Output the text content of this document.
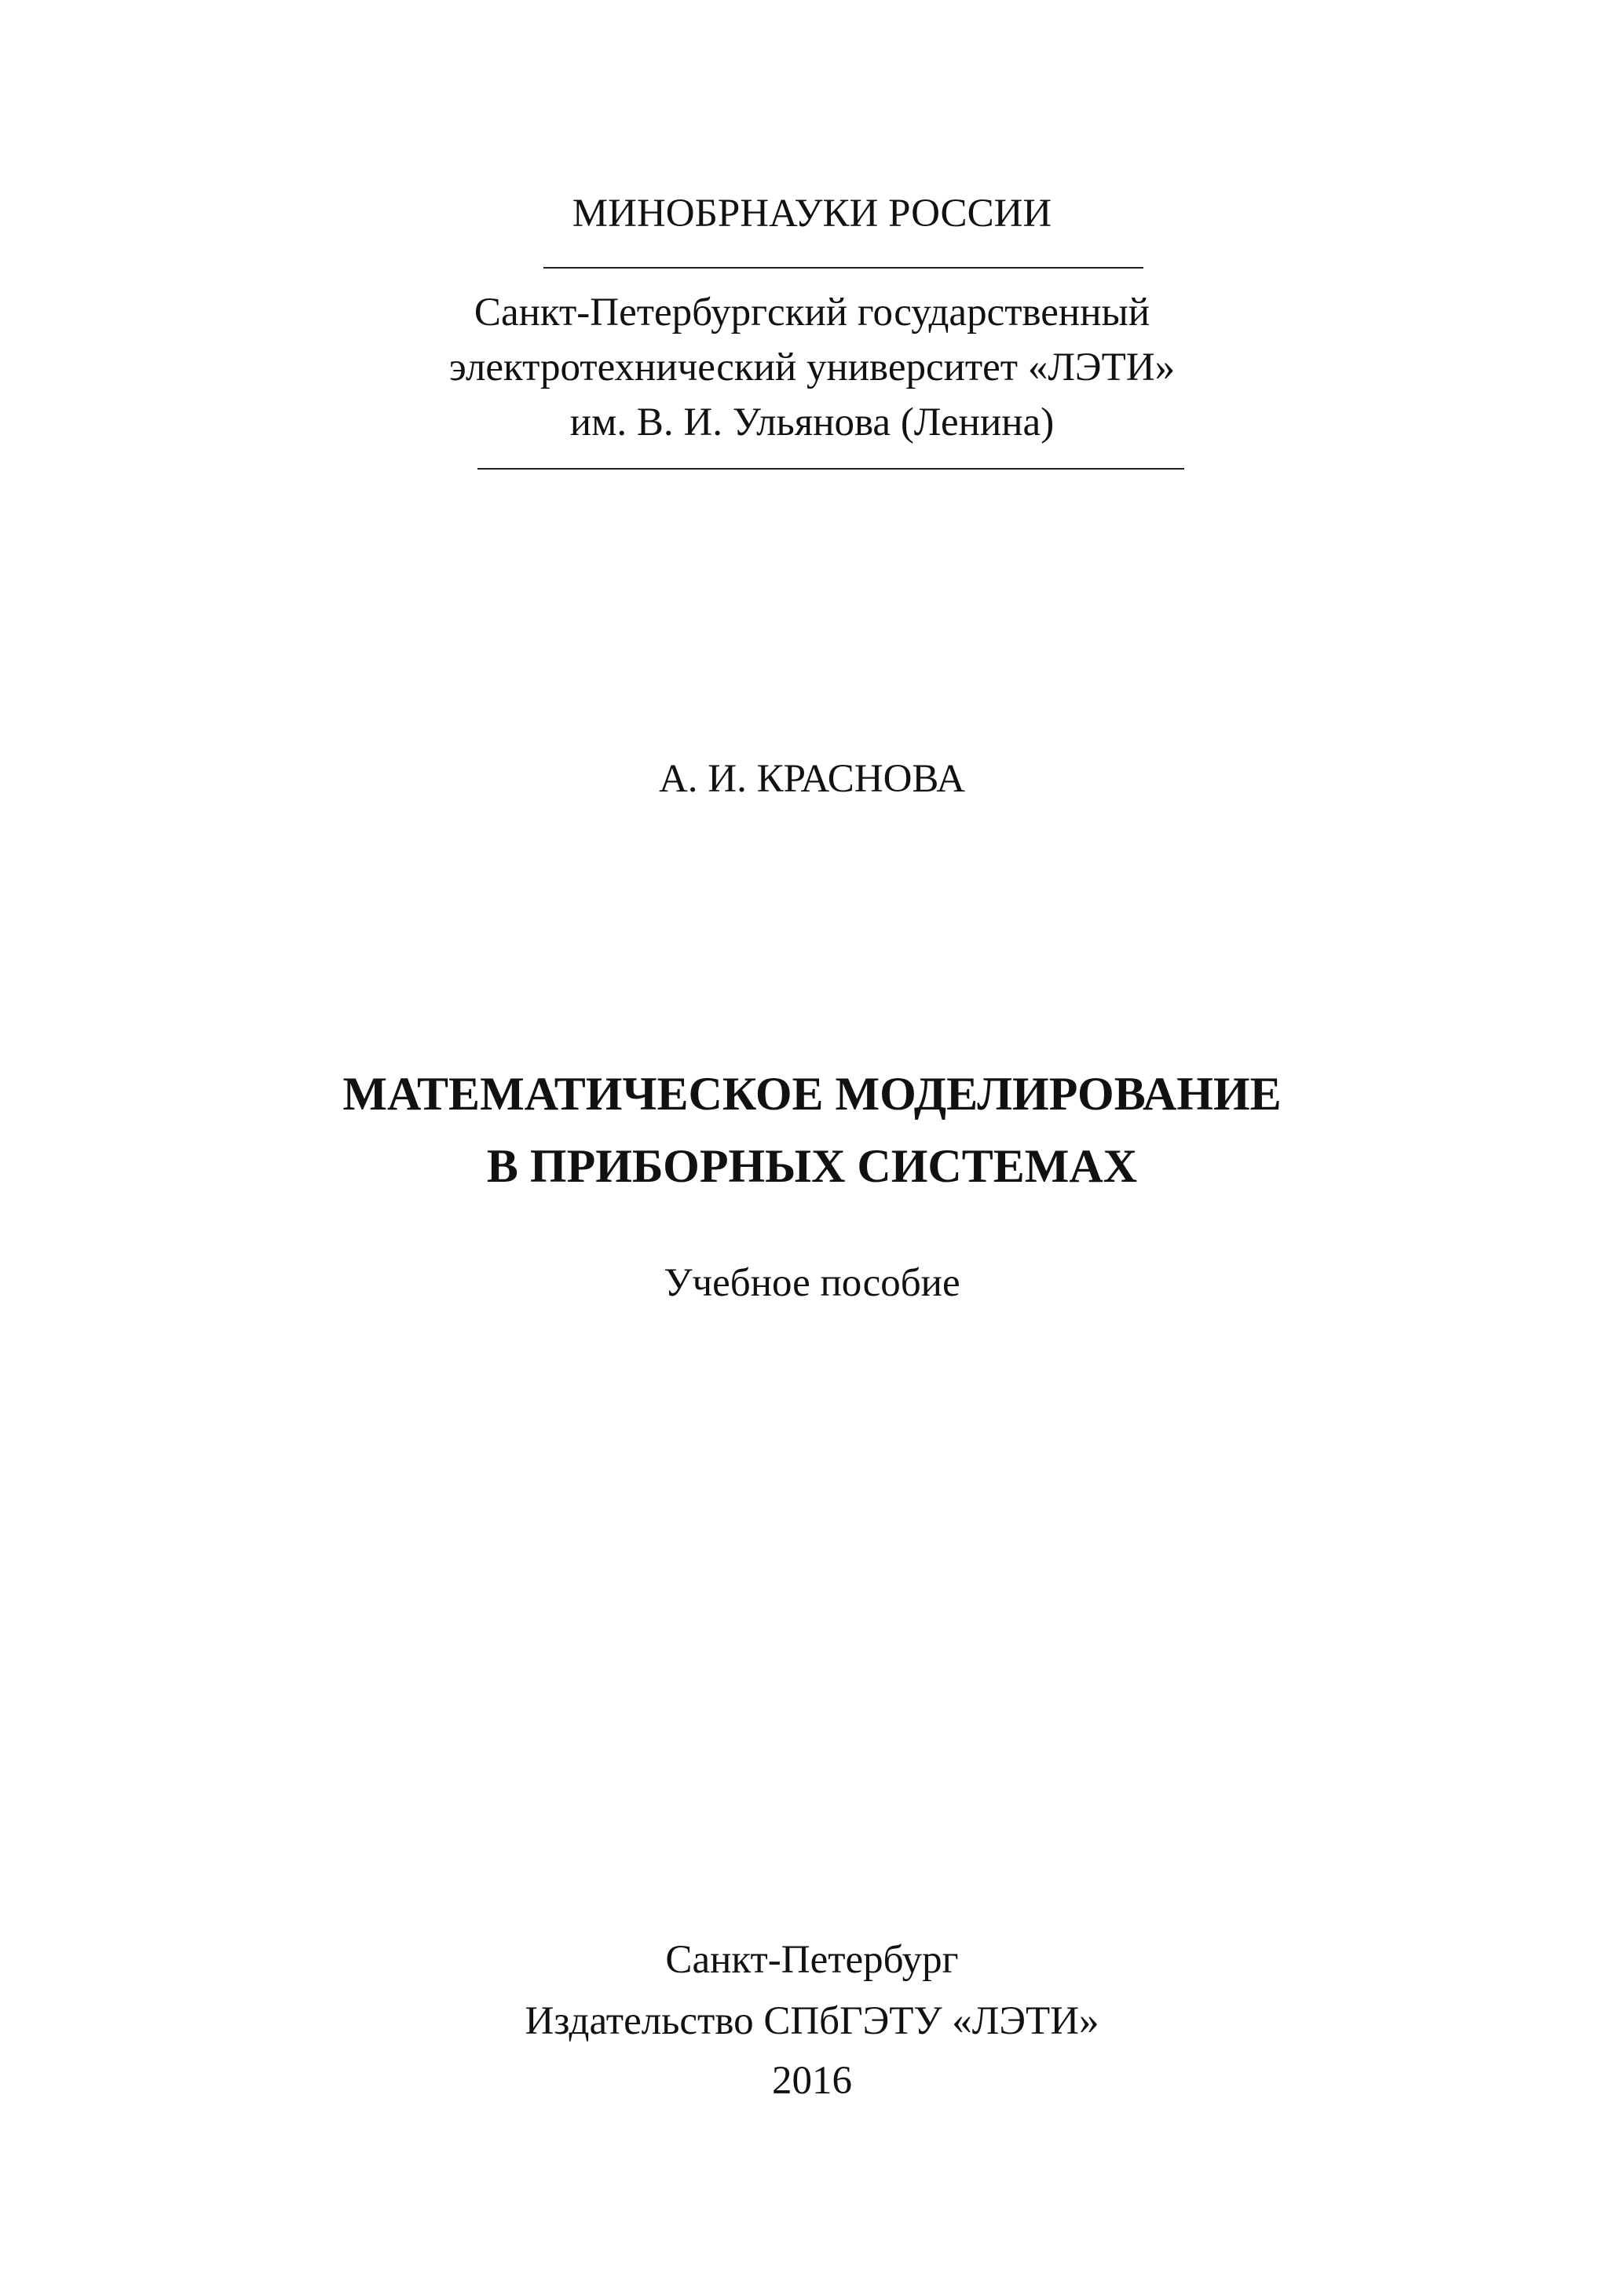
МИНОБРНАУКИ РОССИИ
Санкт-Петербургский государственный
электротехнический университет «ЛЭТИ»
им. В. И. Ульянова (Ленина)
А. И. КРАСНОВА
МАТЕМАТИЧЕСКОЕ МОДЕЛИРОВАНИЕ
В ПРИБОРНЫХ СИСТЕМАХ
Учебное пособие
Санкт-Петербург
Издательство СПбГЭТУ «ЛЭТИ»
2016
